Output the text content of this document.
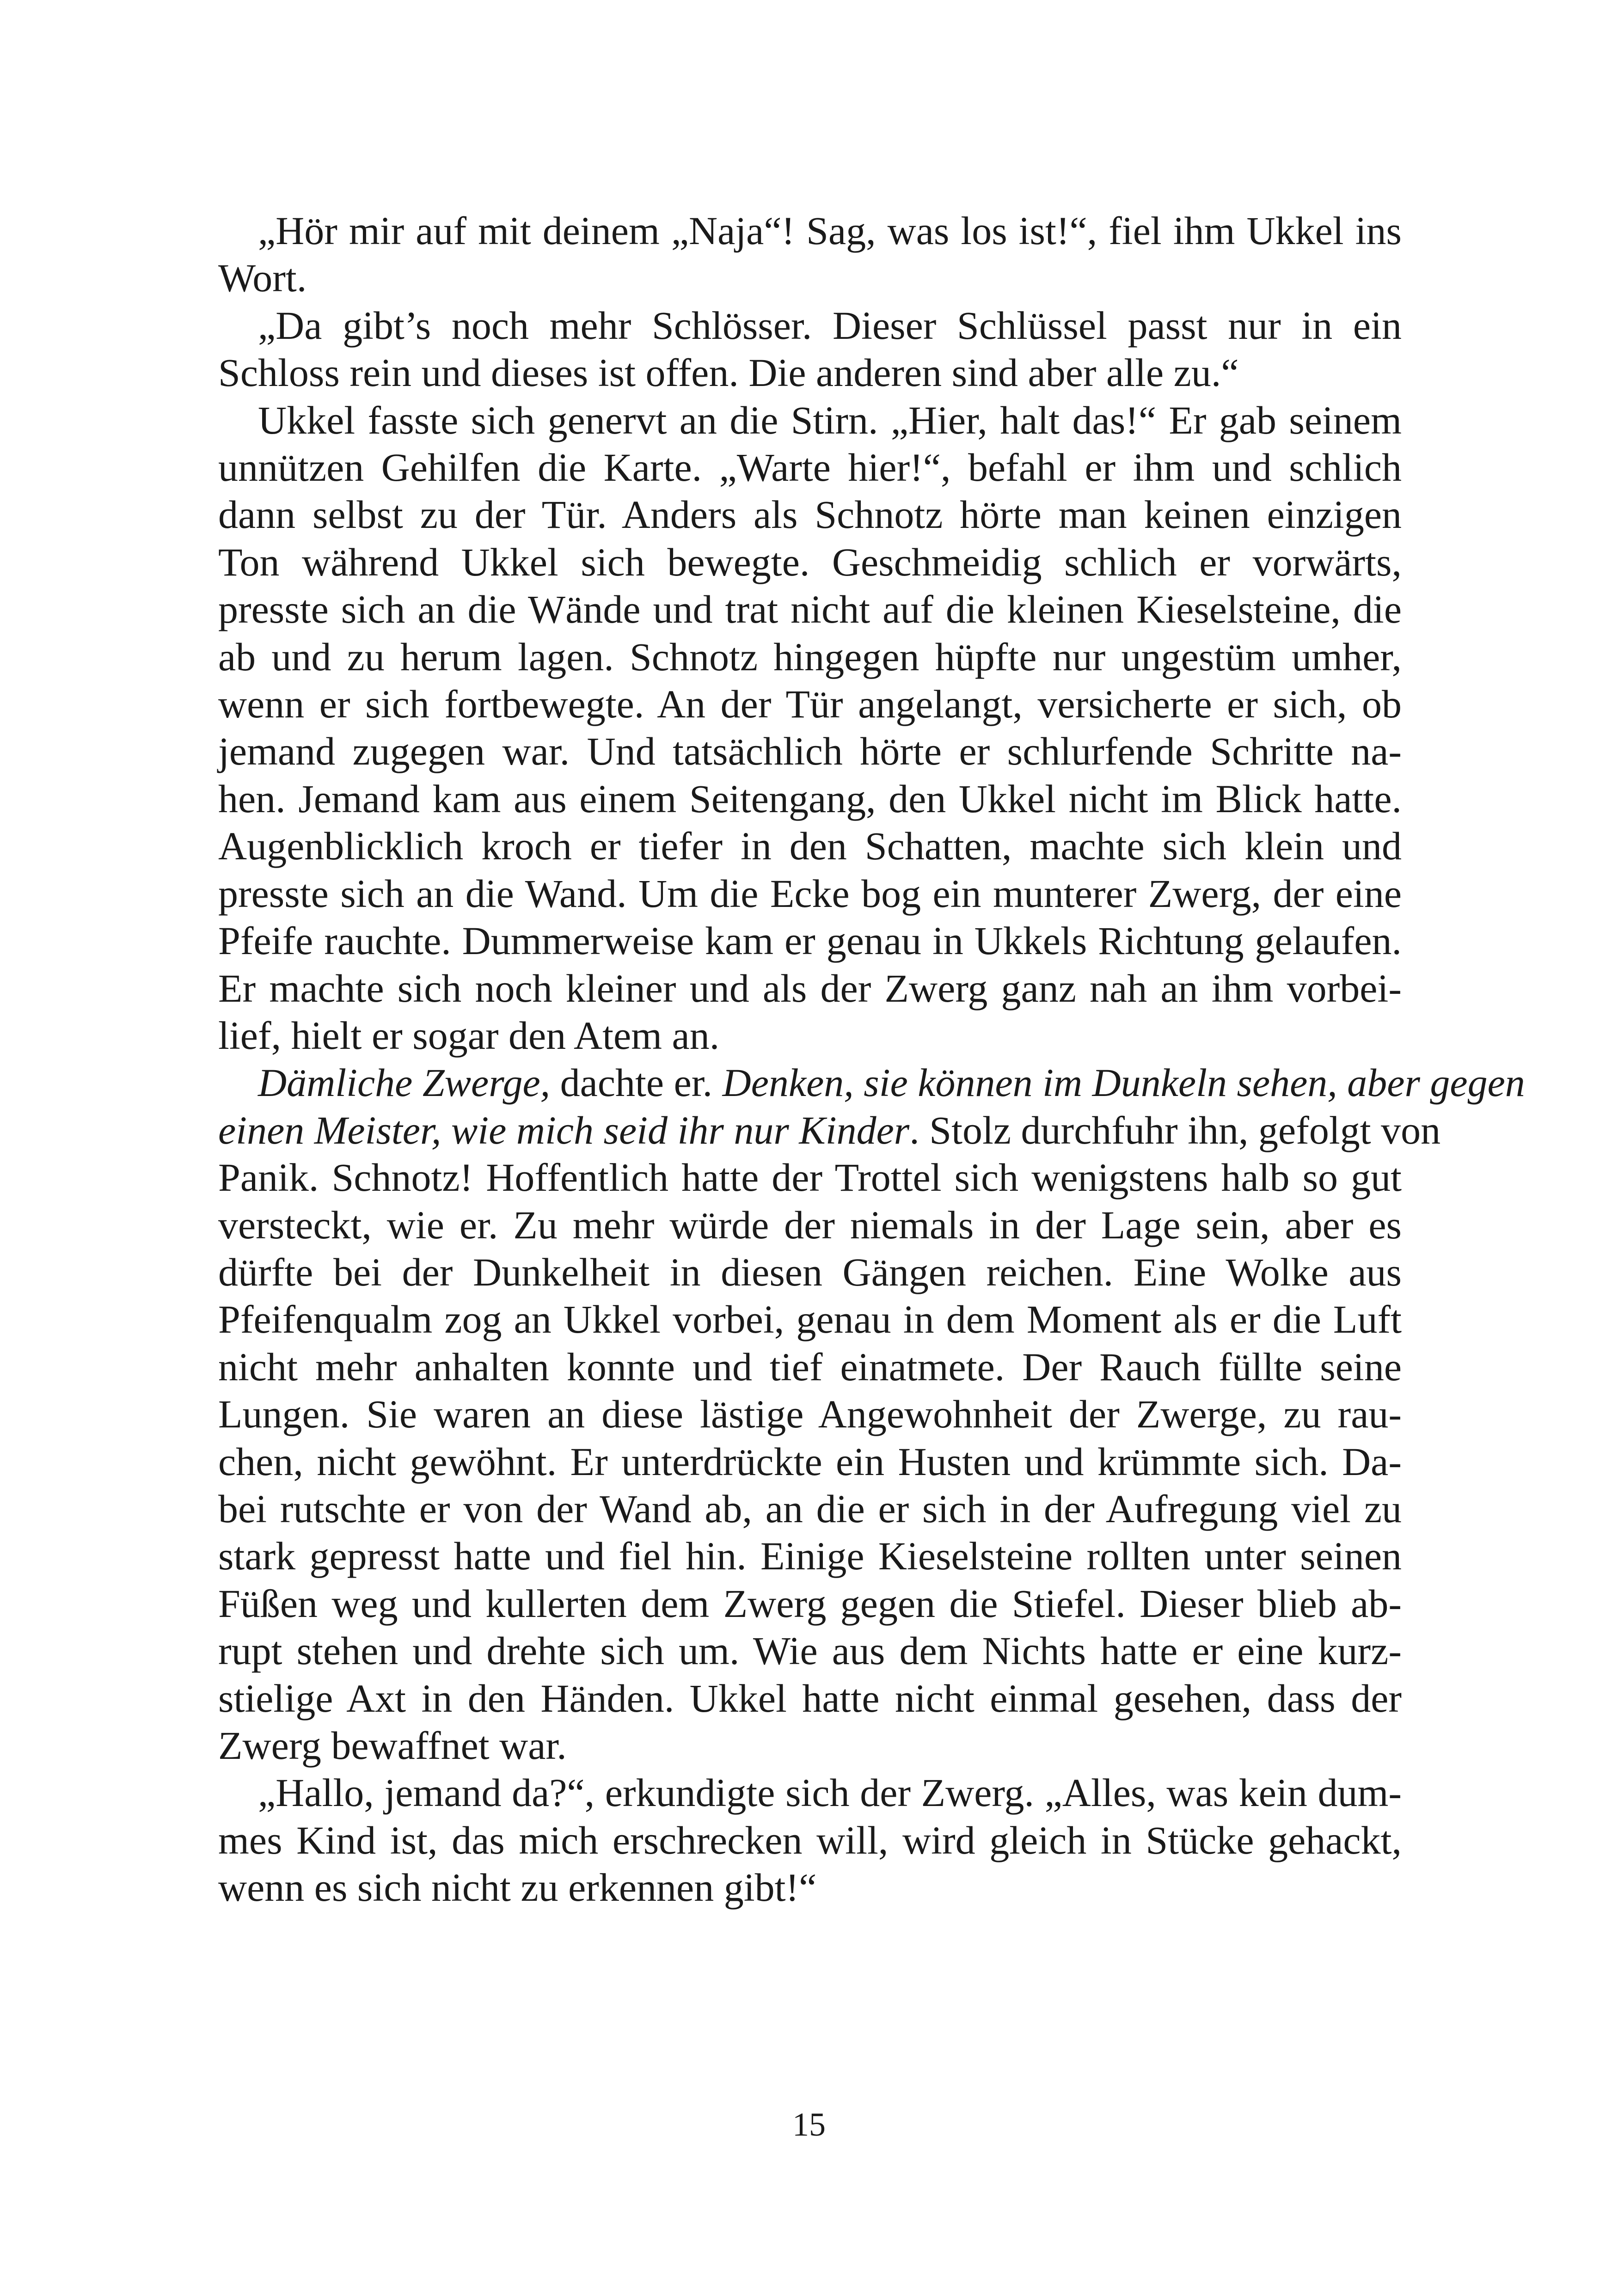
„Hör mir auf mit deinem „Naja“! Sag, was los ist!“, fiel ihm Ukkel ins
Wort.

„Da gibt’s noch mehr Schlösser. Dieser Schlüssel passt nur in ein
Schloss rein und dieses ist offen. Die anderen sind aber alle zu.“

Ukkel fasste sich genervt an die Stirn. „Hier, halt das!“ Er gab seinem
unnützen Gehilfen die Karte. „Warte hier!“, befahl er ihm und schlich
dann selbst zu der Tür. Anders als Schnotz hörte man keinen einzigen
Ton während Ukkel sich bewegte. Geschmeidig schlich er vorwärts,
presste sich an die Wände und trat nicht auf die kleinen Kieselsteine, die
ab und zu herum lagen. Schnotz hingegen hüpfte nur ungestüm umher,
wenn er sich fortbewegte. An der Tür angelangt, versicherte er sich, ob
jemand zugegen war. Und tatsächlich hörte er schlurfende Schritte na-
hen. Jemand kam aus einem Seitengang, den Ukkel nicht im Blick hatte.
Augenblicklich kroch er tiefer in den Schatten, machte sich klein und
presste sich an die Wand. Um die Ecke bog ein munterer Zwerg, der eine
Pfeife rauchte. Dummerweise kam er genau in Ukkels Richtung gelaufen.
Er machte sich noch kleiner und als der Zwerg ganz nah an ihm vorbei-
lief, hielt er sogar den Atem an.

Dämliche Zwerge, dachte er. Denken, sie können im Dunkeln sehen, aber gegen
einen Meister, wie mich seid ihr nur Kinder. Stolz durchfuhr ihn, gefolgt von
Panik. Schnotz! Hoffentlich hatte der Trottel sich wenigstens halb so gut
versteckt, wie er. Zu mehr würde der niemals in der Lage sein, aber es
dürfte bei der Dunkelheit in diesen Gängen reichen. Eine Wolke aus
Pfeifenqualm zog an Ukkel vorbei, genau in dem Moment als er die Luft
nicht mehr anhalten konnte und tief einatmete. Der Rauch füllte seine
Lungen. Sie waren an diese lästige Angewohnheit der Zwerge, zu rau-
chen, nicht gewöhnt. Er unterdrückte ein Husten und krümmte sich. Da-
bei rutschte er von der Wand ab, an die er sich in der Aufregung viel zu
stark gepresst hatte und fiel hin. Einige Kieselsteine rollten unter seinen
Füßen weg und kullerten dem Zwerg gegen die Stiefel. Dieser blieb ab-
rupt stehen und drehte sich um. Wie aus dem Nichts hatte er eine kurz-
stielige Axt in den Händen. Ukkel hatte nicht einmal gesehen, dass der
Zwerg bewaffnet war.

„Hallo, jemand da?“, erkundigte sich der Zwerg. „Alles, was kein dum-
mes Kind ist, das mich erschrecken will, wird gleich in Stücke gehackt,
wenn es sich nicht zu erkennen gibt!“

15
